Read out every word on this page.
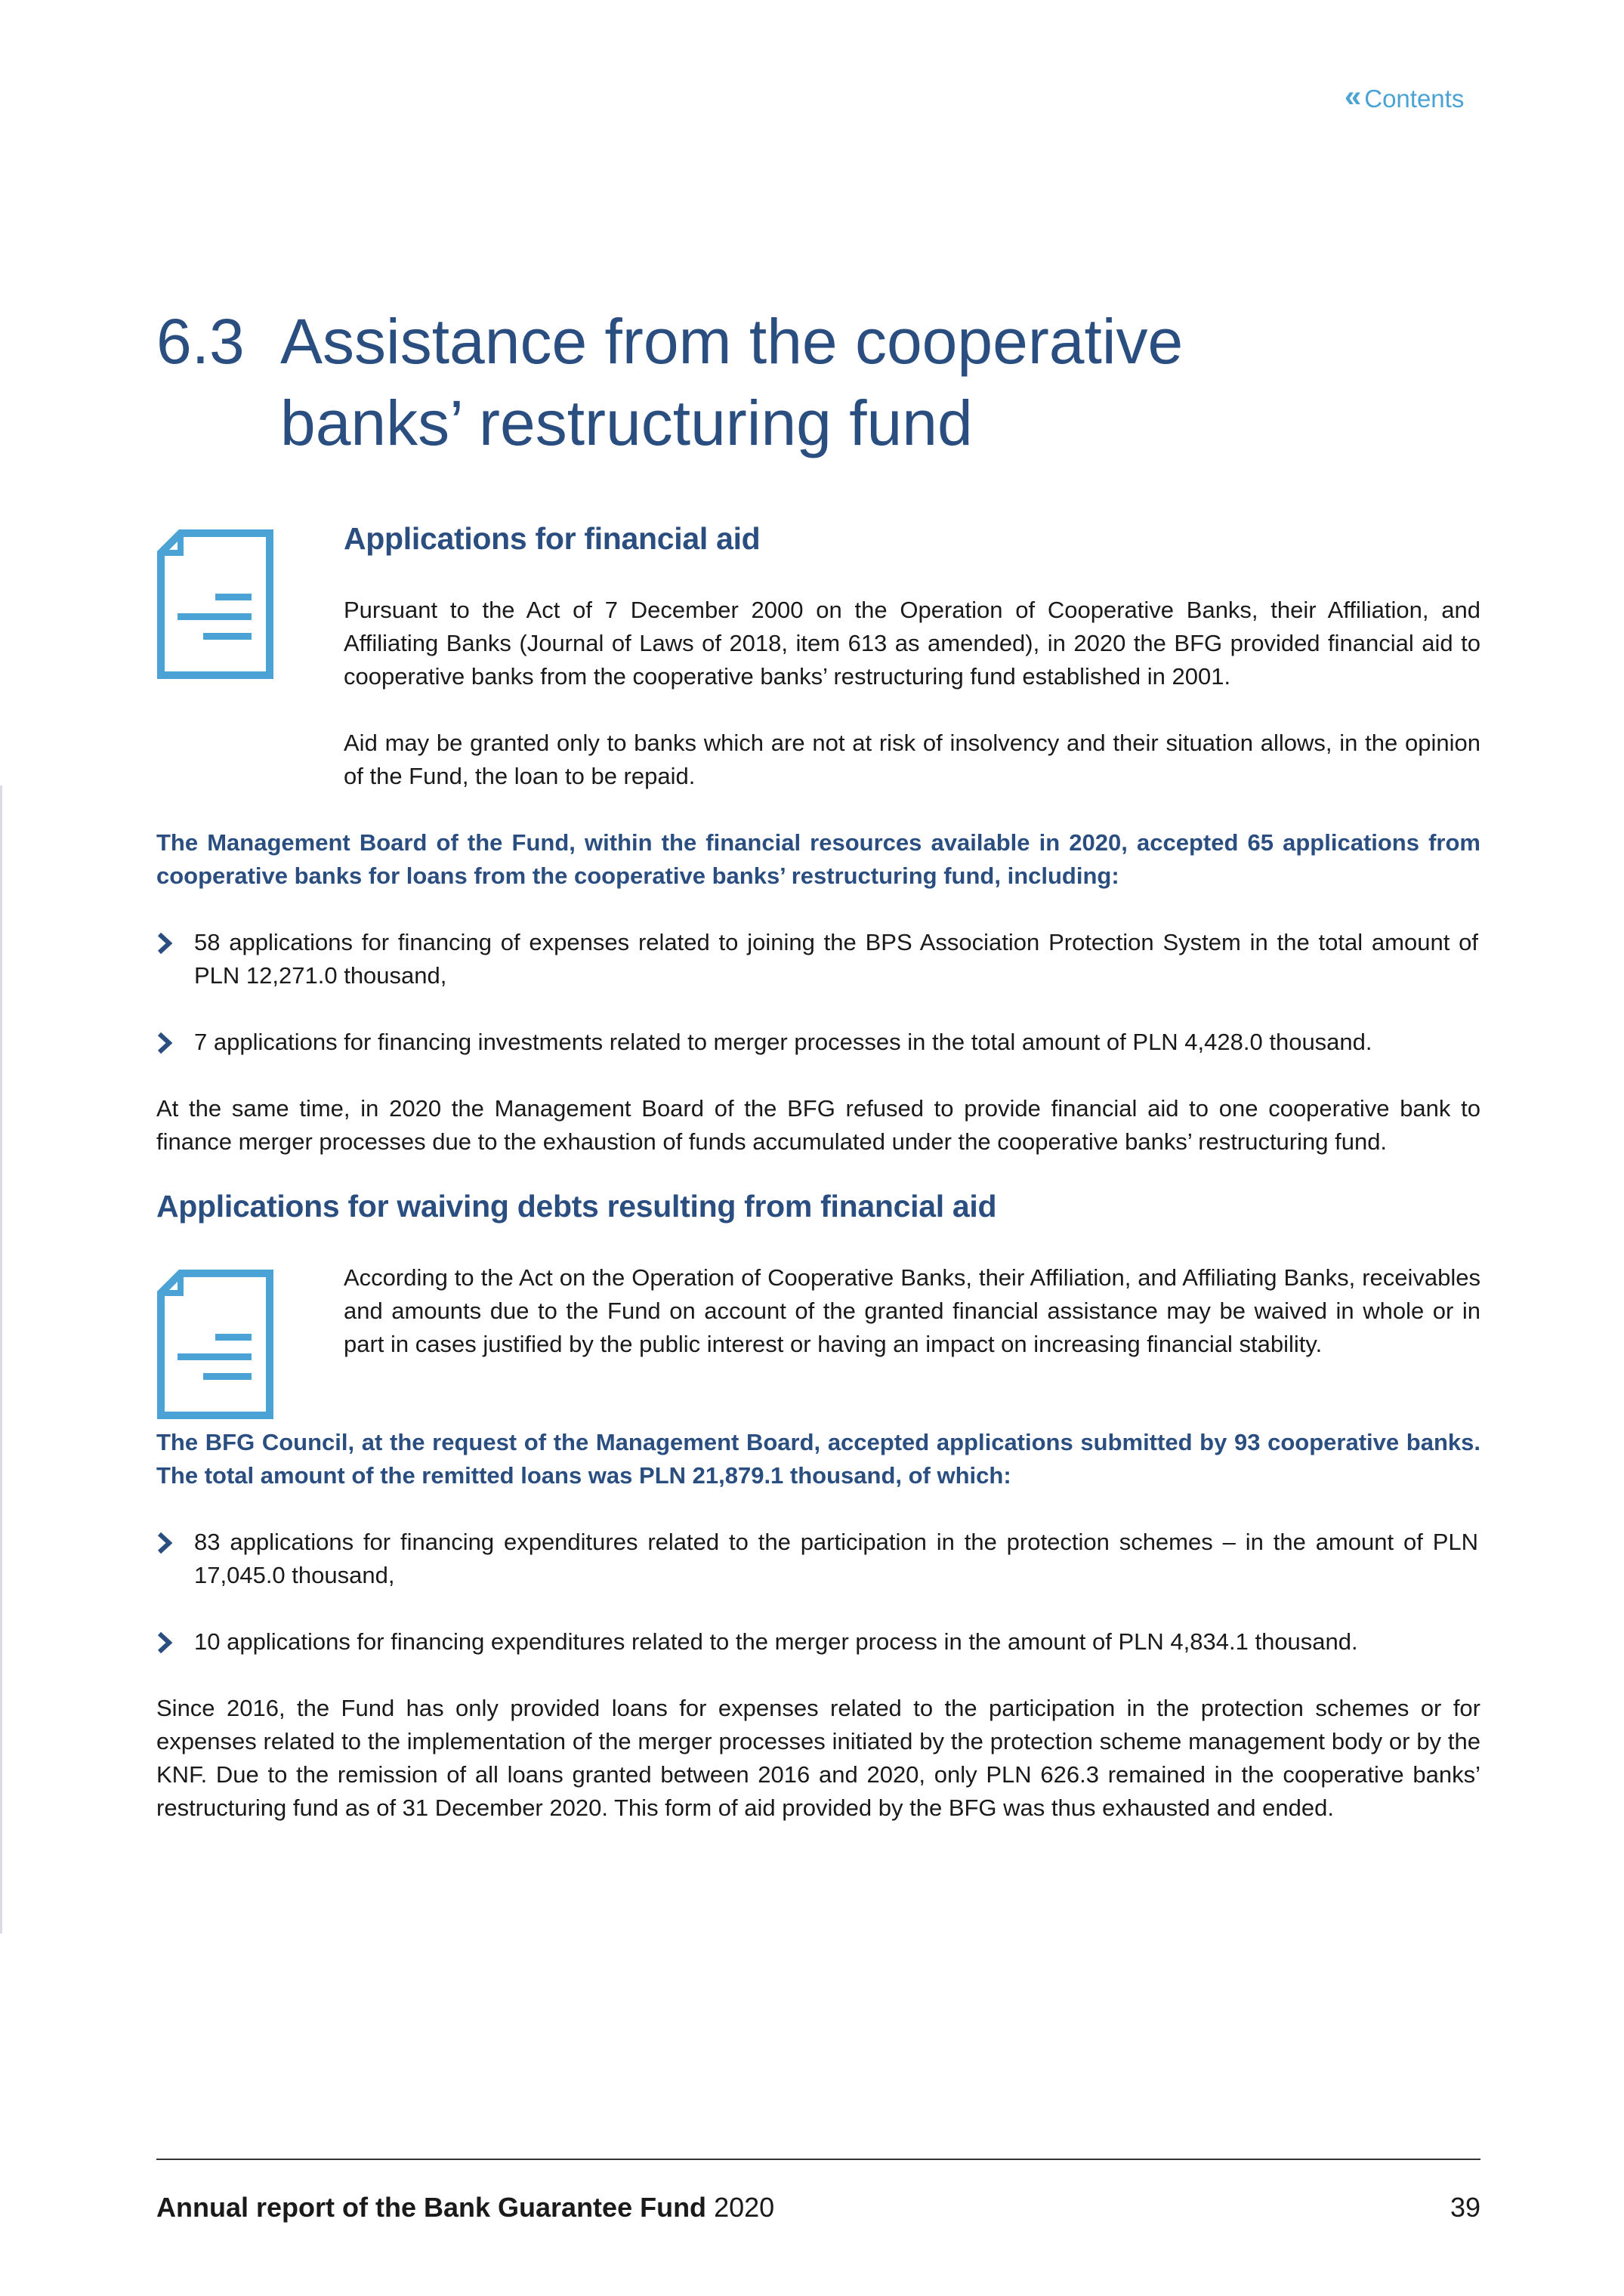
« Contents
6.3 Assistance from the cooperative
banks’ restructuring fund
Applications for financial aid

Pursuant to the Act of 7 December 2000 on the Operation of Cooperative Banks, their Affiliation, and Affiliating Banks (Journal of Laws of 2018, item 613 as amended), in 2020 the BFG provided financial aid to cooperative banks from the cooperative banks’ restructuring fund established in 2001.

Aid may be granted only to banks which are not at risk of insolvency and their situation allows, in the opinion of the Fund, the loan to be repaid.

The Management Board of the Fund, within the financial resources available in 2020, accepted 65 applications from cooperative banks for loans from the cooperative banks’ restructuring fund, including:

58 applications for financing of expenses related to joining the BPS Association Protection System in the total amount of PLN 12,271.0 thousand,
7 applications for financing investments related to merger processes in the total amount of PLN 4,428.0 thousand.

At the same time, in 2020 the Management Board of the BFG refused to provide financial aid to one cooperative bank to finance merger processes due to the exhaustion of funds accumulated under the cooperative banks’ restructuring fund.

Applications for waiving debts resulting from financial aid

According to the Act on the Operation of Cooperative Banks, their Affiliation, and Affiliating Banks, receivables and amounts due to the Fund on account of the granted financial assistance may be waived in whole or in part in cases justified by the public interest or having an impact on increasing financial stability.

The BFG Council, at the request of the Management Board, accepted applications submitted by 93 cooperative banks. The total amount of the remitted loans was PLN 21,879.1 thousand, of which:

83 applications for financing expenditures related to the participation in the protection schemes – in the amount of PLN 17,045.0 thousand,
10 applications for financing expenditures related to the merger process in the amount of PLN 4,834.1 thousand.

Since 2016, the Fund has only provided loans for expenses related to the participation in the protection schemes or for expenses related to the implementation of the merger processes initiated by the protection scheme management body or by the KNF. Due to the remission of all loans granted between 2016 and 2020, only PLN 626.3 remained in the cooperative banks’ restructuring fund as of 31 December 2020. This form of aid provided by the BFG was thus exhausted and ended.

Annual report of the Bank Guarantee Fund 2020	39
